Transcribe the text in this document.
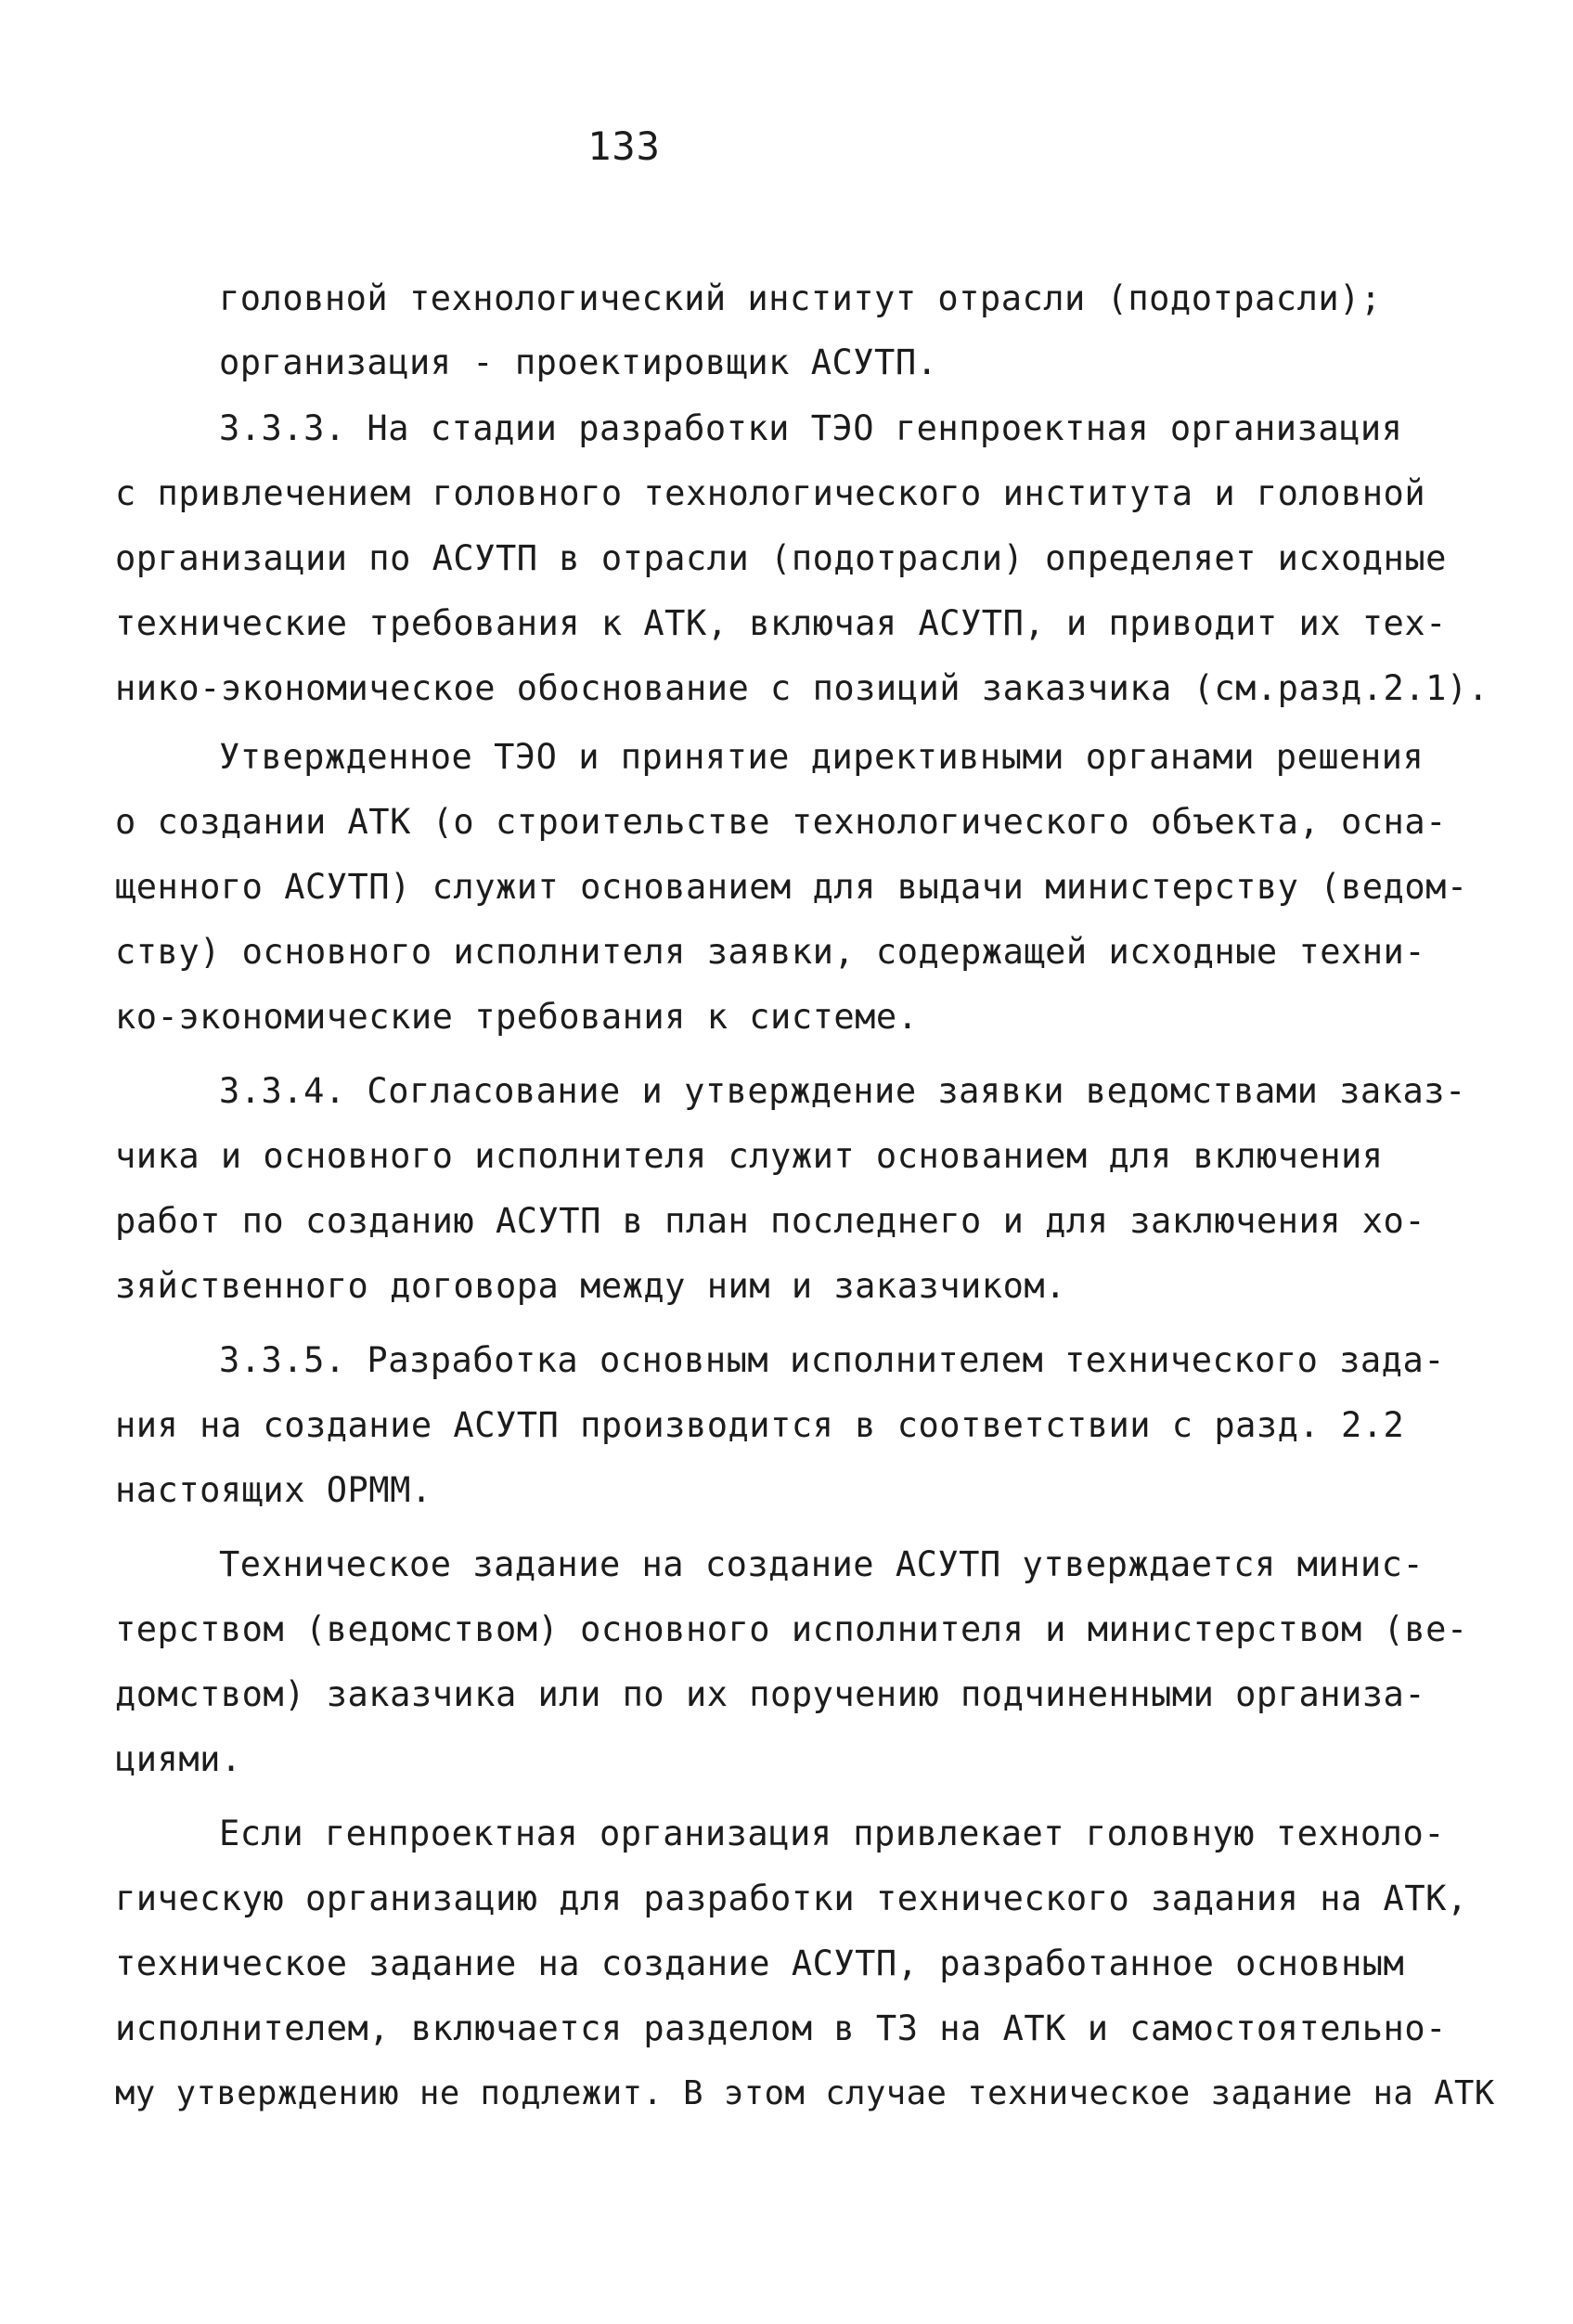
133
головной технологический институт отрасли (подотрасли);
организация - проектировщик АСУТП.
3.3.3. На стадии разработки ТЭО генпроектная организация
с привлечением головного технологического института и головной
организации по АСУТП в отрасли (подотрасли) определяет исходные
технические требования к АТК, включая АСУТП, и приводит их тех-
нико-экономическое обоснование с позиций заказчика (см.разд.2.1).
Утвержденное ТЭО и принятие директивными органами решения
о создании АТК (о строительстве технологического объекта, осна-
щенного АСУТП) служит основанием для выдачи министерству (ведом-
ству) основного исполнителя заявки, содержащей исходные техни-
ко-экономические требования к системе.
3.3.4. Согласование и утверждение заявки ведомствами заказ-
чика и основного исполнителя служит основанием для включения
работ по созданию АСУТП в план последнего и для заключения хо-
зяйственного договора между ним и заказчиком.
3.3.5. Разработка основным исполнителем технического зада-
ния на создание АСУТП производится в соответствии с разд. 2.2
настоящих ОРММ.
Техническое задание на создание АСУТП утверждается минис-
терством (ведомством) основного исполнителя и министерством (ве-
домством) заказчика или по их поручению подчиненными организа-
циями.
Если генпроектная организация привлекает головную техноло-
гическую организацию для разработки технического задания на АТК,
техническое задание на создание АСУТП, разработанное основным
исполнителем, включается разделом в ТЗ на АТК и самостоятельно-
му утверждению не подлежит. В этом случае техническое задание на АТК
